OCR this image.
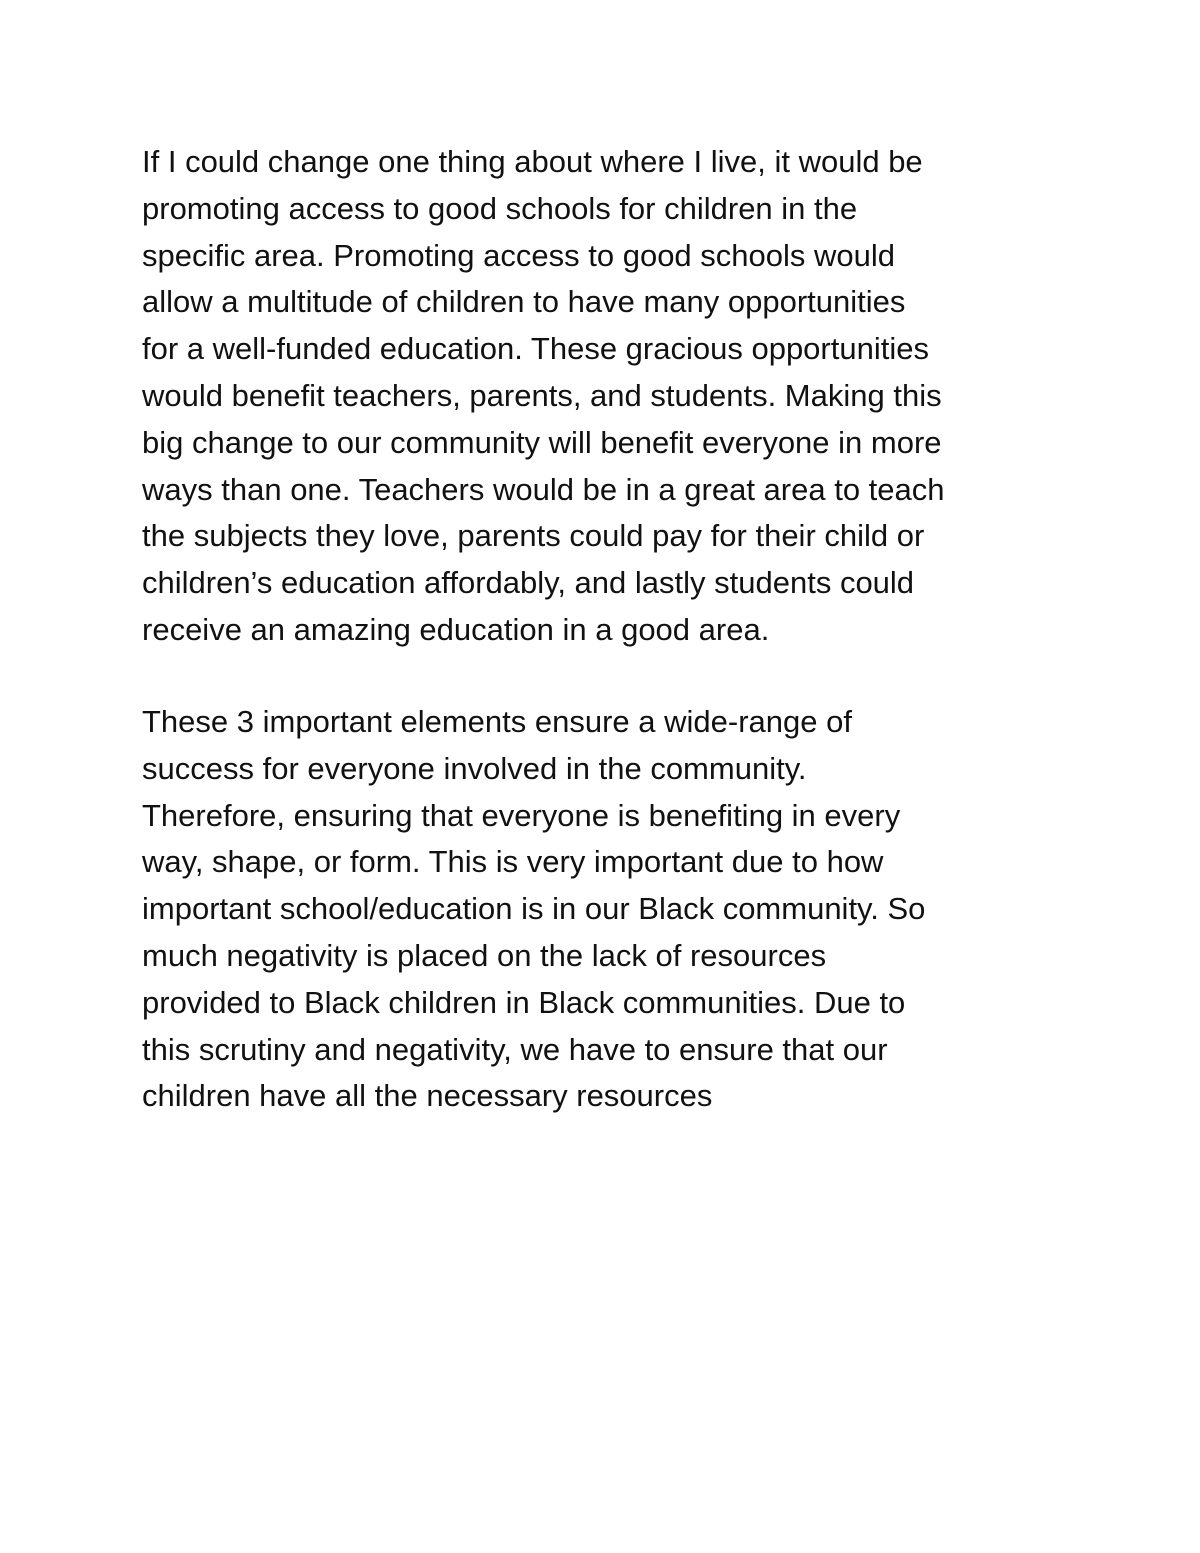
If I could change one thing about where I live, it would be
promoting access to good schools for children in the
specific area. Promoting access to good schools would
allow a multitude of children to have many opportunities
for a well-funded education. These gracious opportunities
would benefit teachers, parents, and students. Making this
big change to our community will benefit everyone in more
ways than one. Teachers would be in a great area to teach
the subjects they love, parents could pay for their child or
children’s education affordably, and lastly students could
receive an amazing education in a good area.

These 3 important elements ensure a wide-range of
success for everyone involved in the community.
Therefore, ensuring that everyone is benefiting in every
way, shape, or form. This is very important due to how
important school/education is in our Black community. So
much negativity is placed on the lack of resources
provided to Black children in Black communities. Due to
this scrutiny and negativity, we have to ensure that our
children have all the necessary resources
